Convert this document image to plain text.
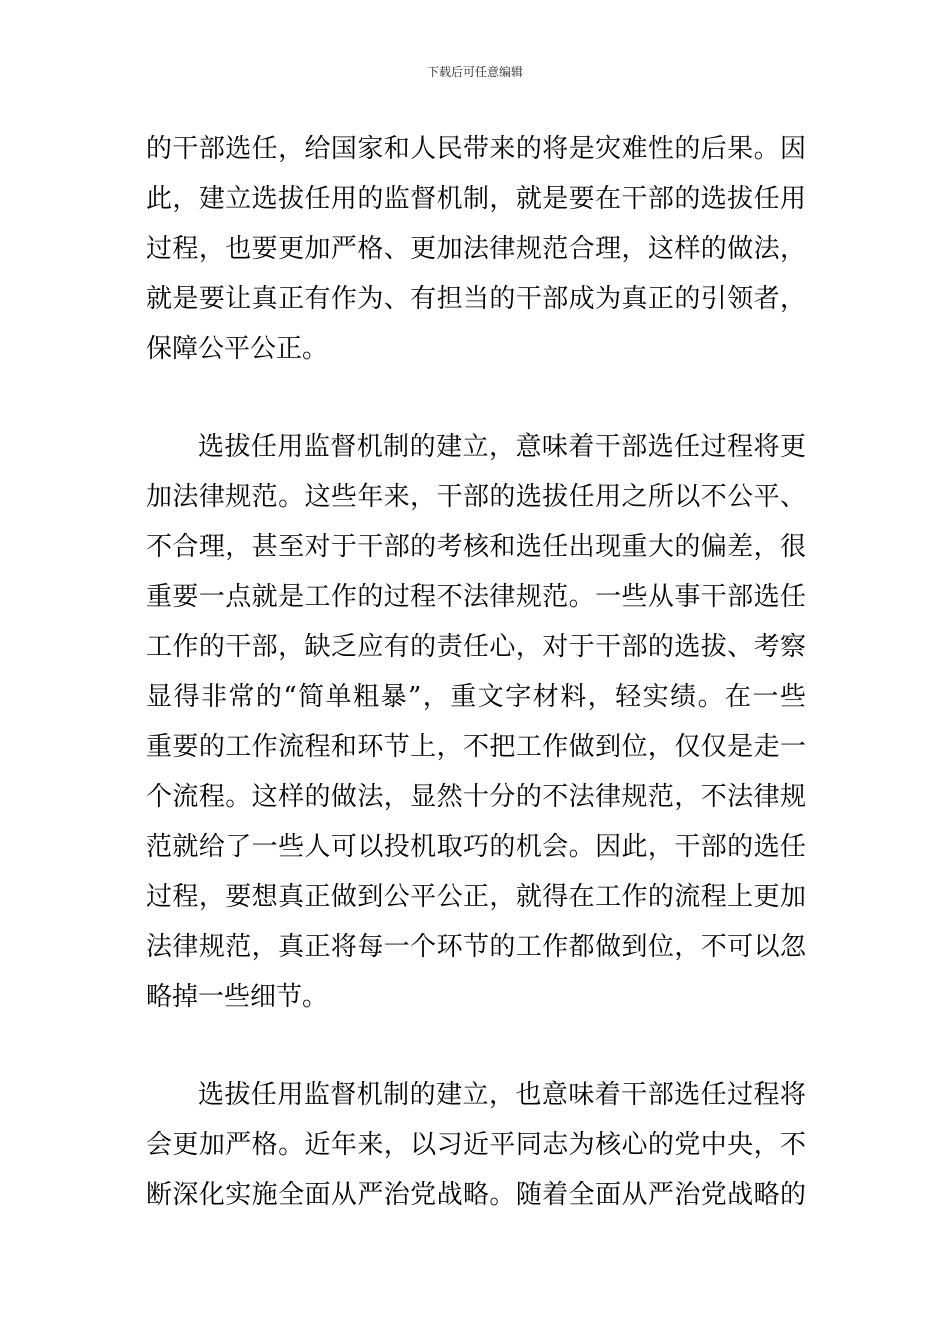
下载后可任意编辑
的干部选任，给国家和人民带来的将是灾难性的后果。因
此，建立选拔任用的监督机制，就是要在干部的选拔任用
过程，也要更加严格、更加法律规范合理，这样的做法，
就是要让真正有作为、有担当的干部成为真正的引领者，
保障公平公正。
选拔任用监督机制的建立，意味着干部选任过程将更
加法律规范。这些年来，干部的选拔任用之所以不公平、
不合理，甚至对于干部的考核和选任出现重大的偏差，很
重要一点就是工作的过程不法律规范。一些从事干部选任
工作的干部，缺乏应有的责任心，对于干部的选拔、考察
显得非常的“简单粗暴”，重文字材料，轻实绩。在一些
重要的工作流程和环节上，不把工作做到位，仅仅是走一
个流程。这样的做法，显然十分的不法律规范，不法律规
范就给了一些人可以投机取巧的机会。因此，干部的选任
过程，要想真正做到公平公正，就得在工作的流程上更加
法律规范，真正将每一个环节的工作都做到位，不可以忽
略掉一些细节。
选拔任用监督机制的建立，也意味着干部选任过程将
会更加严格。近年来，以习近平同志为核心的党中央，不
断深化实施全面从严治党战略。随着全面从严治党战略的
